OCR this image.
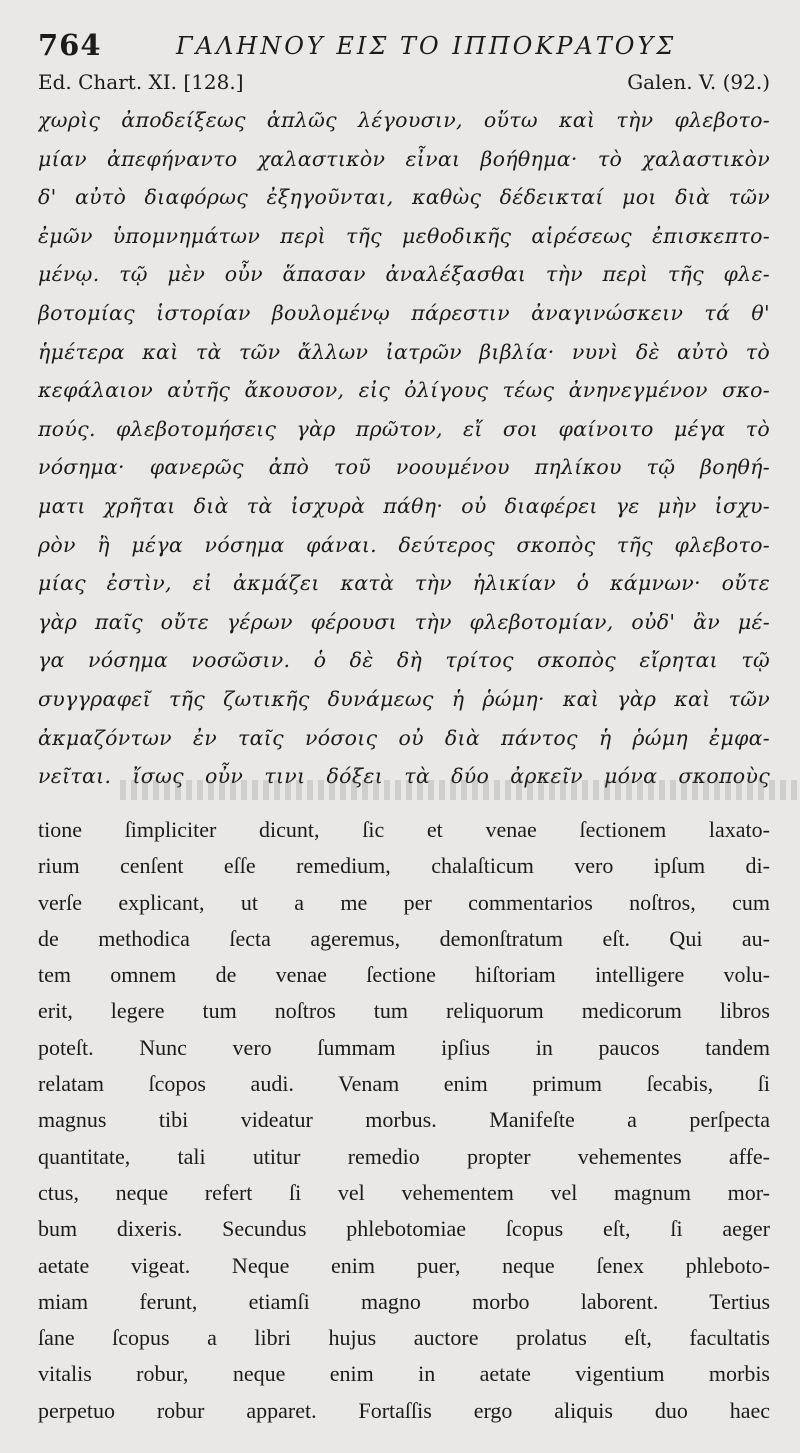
764	ΓΑΛΗΝΟΥ ΕΙΣ ΤΟ ΙΠΠΟΚΡΑΤΟΥΣ
Ed. Chart. XI. [128.]	Galen. V. (92.)
χωρὶς ἀποδείξεως ἁπλῶς λέγουσιν, οὕτω καὶ τὴν φλεβοτο-
μίαν ἀπεφήναντο χαλαστικὸν εἶναι βοήθημα· τὸ χαλαστικὸν
δ' αὐτὸ διαφόρως ἐξηγοῦνται, καθὼς δέδεικταί μοι διὰ τῶν
ἐμῶν ὑπομνημάτων περὶ τῆς μεθοδικῆς αἱρέσεως ἐπισκεπτο-
μένῳ. τῷ μὲν οὖν ἅπασαν ἀναλέξασθαι τὴν περὶ τῆς φλε-
βοτομίας ἱστορίαν βουλομένῳ πάρεστιν ἀναγινώσκειν τά θ'
ἡμέτερα καὶ τὰ τῶν ἄλλων ἰατρῶν βιβλία· νυνὶ δὲ αὐτὸ τὸ
κεφάλαιον αὐτῆς ἄκουσον, εἰς ὀλίγους τέως ἀνηνεγμένον σκο-
πούς. φλεβοτομήσεις γὰρ πρῶτον, εἴ σοι φαίνοιτο μέγα τὸ
νόσημα· φανερῶς ἀπὸ τοῦ νοουμένου πηλίκου τῷ βοηθή-
ματι χρῆται διὰ τὰ ἰσχυρὰ πάθη· οὐ διαφέρει γε μὴν ἰσχυ-
ρὸν ἢ μέγα νόσημα φάναι. δεύτερος σκοπὸς τῆς φλεβοτο-
μίας ἐστὶν, εἰ ἀκμάζει κατὰ τὴν ἡλικίαν ὁ κάμνων· οὔτε
γὰρ παῖς οὔτε γέρων φέρουσι τὴν φλεβοτομίαν, οὐδ' ἂν μέ-
γα νόσημα νοσῶσιν. ὁ δὲ δὴ τρίτος σκοπὸς εἴρηται τῷ
συγγραφεῖ τῆς ζωτικῆς δυνάμεως ἡ ῥώμη· καὶ γὰρ καὶ τῶν
ἀκμαζόντων ἐν ταῖς νόσοις οὐ διὰ πάντος ἡ ῥώμη ἐμφα-
νεῖται. ἴσως οὖν τινι δόξει τὰ δύο ἀρκεῖν μόνα σκοποὺς
tione ſimpliciter dicunt, ſic et venae ſectionem laxato-
rium cenſent eſſe remedium, chalaſticum vero ipſum di-
verſe explicant, ut a me per commentarios noſtros, cum
de methodica ſecta ageremus, demonſtratum eſt. Qui au-
tem omnem de venae ſectione hiſtoriam intelligere volu-
erit, legere tum noſtros tum reliquorum medicorum libros
poteſt. Nunc vero ſummam ipſius in paucos tandem
relatam ſcopos audi. Venam enim primum ſecabis, ſi
magnus tibi videatur morbus. Manifeſte a perſpecta
quantitate, tali utitur remedio propter vehementes affe-
ctus, neque refert ſi vel vehementem vel magnum mor-
bum dixeris. Secundus phlebotomiae ſcopus eſt, ſi aeger
aetate vigeat. Neque enim puer, neque ſenex phleboto-
miam ferunt, etiamſi magno morbo laborent. Tertius
ſane ſcopus a libri hujus auctore prolatus eſt, facultatis
vitalis robur, neque enim in aetate vigentium morbis
perpetuo robur apparet. Fortaſſis ergo aliquis duo haec
